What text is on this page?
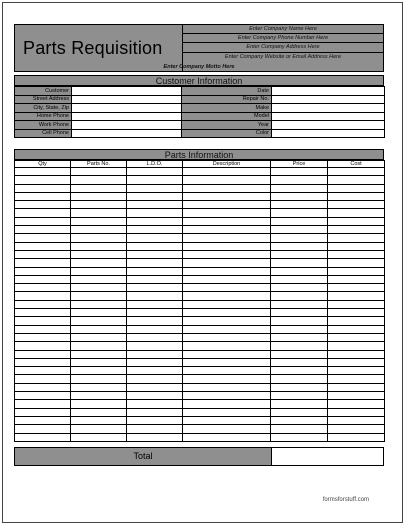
Parts Requisition
Enter Company Name Here
Enter Company Phone Number Here
Enter Company Address Here
Enter Company Website or Email Address Here
Enter Company Motto Here
Customer Information
Customer		Date	
Street Address		Repair No.	
City, State, Zip		Make	
Home Phone		Model	
Work Phone		Year	
Cell Phone		Color	
Parts Information
Qty	Parts No.	L.D.O.	Description	Price	Cost

Total
formsforstuff.com
